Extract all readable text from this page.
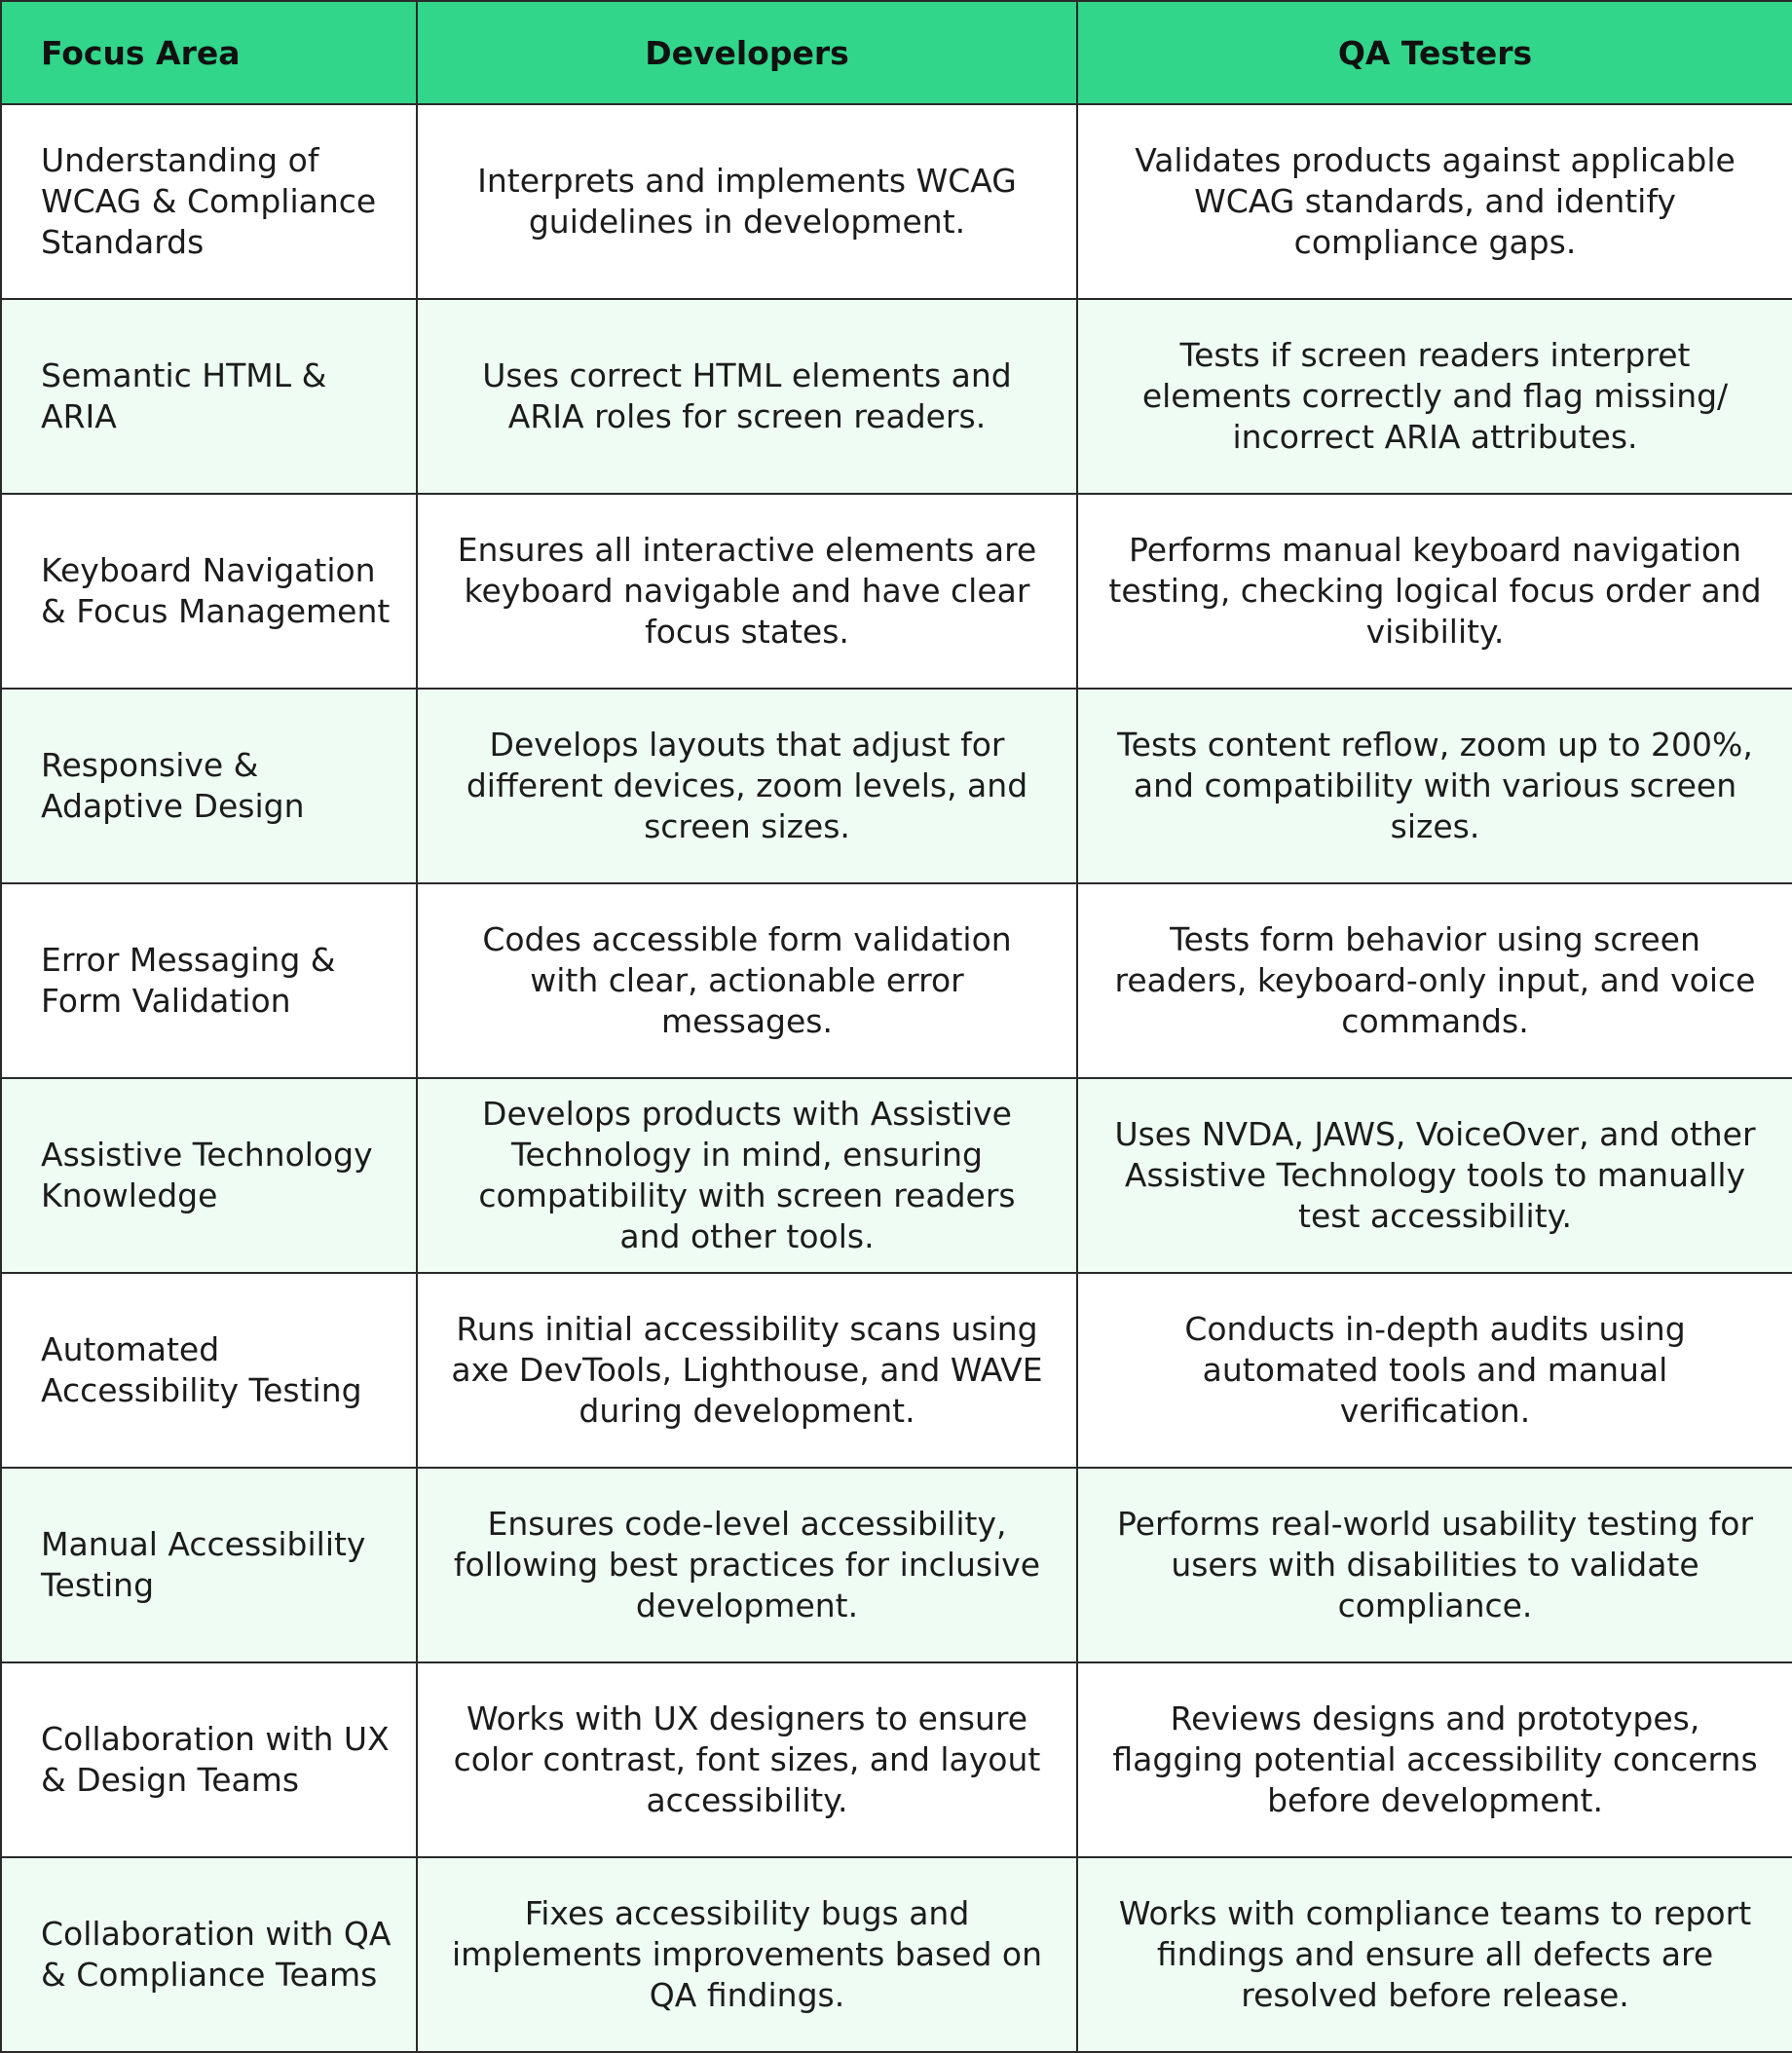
Focus Area	Developers	QA Testers
Understanding of WCAG & Compliance Standards	Interprets and implements WCAG guidelines in development.	Validates products against applicable WCAG standards, and identify compliance gaps.
Semantic HTML & ARIA	Uses correct HTML elements and ARIA roles for screen readers.	Tests if screen readers interpret elements correctly and flag missing/ incorrect ARIA attributes.
Keyboard Navigation & Focus Management	Ensures all interactive elements are keyboard navigable and have clear focus states.	Performs manual keyboard navigation testing, checking logical focus order and visibility.
Responsive & Adaptive Design	Develops layouts that adjust for different devices, zoom levels, and screen sizes.	Tests content reflow, zoom up to 200%, and compatibility with various screen sizes.
Error Messaging & Form Validation	Codes accessible form validation with clear, actionable error messages.	Tests form behavior using screen readers, keyboard-only input, and voice commands.
Assistive Technology Knowledge	Develops products with Assistive Technology in mind, ensuring compatibility with screen readers and other tools.	Uses NVDA, JAWS, VoiceOver, and other Assistive Technology tools to manually test accessibility.
Automated Accessibility Testing	Runs initial accessibility scans using axe DevTools, Lighthouse, and WAVE during development.	Conducts in-depth audits using automated tools and manual verification.
Manual Accessibility Testing	Ensures code-level accessibility, following best practices for inclusive development.	Performs real-world usability testing for users with disabilities to validate compliance.
Collaboration with UX & Design Teams	Works with UX designers to ensure color contrast, font sizes, and layout accessibility.	Reviews designs and prototypes, flagging potential accessibility concerns before development.
Collaboration with QA & Compliance Teams	Fixes accessibility bugs and implements improvements based on QA findings.	Works with compliance teams to report findings and ensure all defects are resolved before release.
